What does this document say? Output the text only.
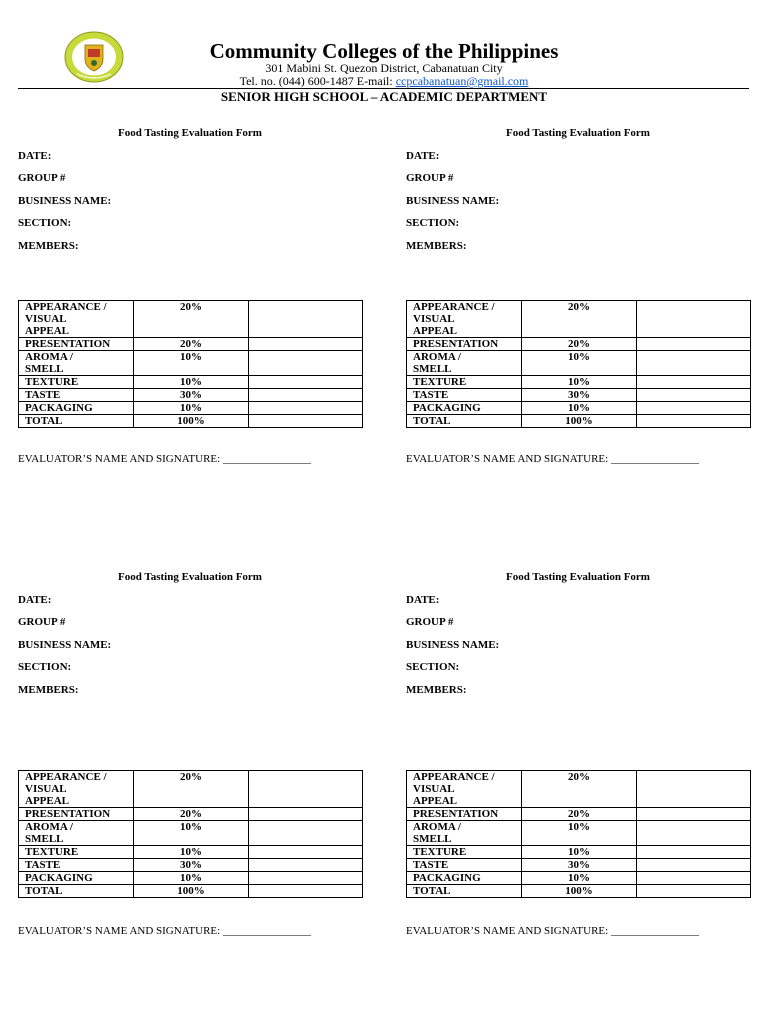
Community Colleges of the Philippines
301 Mabini St. Quezon District, Cabanatuan City
Tel. no. (044) 600-1487 E-mail: ccpcabanatuan@gmail.com
SENIOR HIGH SCHOOL – ACADEMIC DEPARTMENT
Food Tasting Evaluation Form
DATE:
GROUP #
BUSINESS NAME:
SECTION:
MEMBERS:
APPEARANCE /
VISUAL
APPEAL	20%	

PRESENTATION	20%	

AROMA /
SMELL	10%	

TEXTURE	10%	

TASTE	30%	

PACKAGING	10%	

TOTAL	100%	
EVALUATOR’S NAME AND SIGNATURE: ________________
Food Tasting Evaluation Form
DATE:
GROUP #
BUSINESS NAME:
SECTION:
MEMBERS:
APPEARANCE /
VISUAL
APPEAL	20%	

PRESENTATION	20%	

AROMA /
SMELL	10%	

TEXTURE	10%	

TASTE	30%	

PACKAGING	10%	

TOTAL	100%	
EVALUATOR’S NAME AND SIGNATURE: ________________
Food Tasting Evaluation Form
DATE:
GROUP #
BUSINESS NAME:
SECTION:
MEMBERS:
APPEARANCE /
VISUAL
APPEAL	20%	

PRESENTATION	20%	

AROMA /
SMELL	10%	

TEXTURE	10%	

TASTE	30%	

PACKAGING	10%	

TOTAL	100%	
EVALUATOR’S NAME AND SIGNATURE: ________________
Food Tasting Evaluation Form
DATE:
GROUP #
BUSINESS NAME:
SECTION:
MEMBERS:
APPEARANCE /
VISUAL
APPEAL	20%	

PRESENTATION	20%	

AROMA /
SMELL	10%	

TEXTURE	10%	

TASTE	30%	

PACKAGING	10%	

TOTAL	100%	
EVALUATOR’S NAME AND SIGNATURE: ________________
